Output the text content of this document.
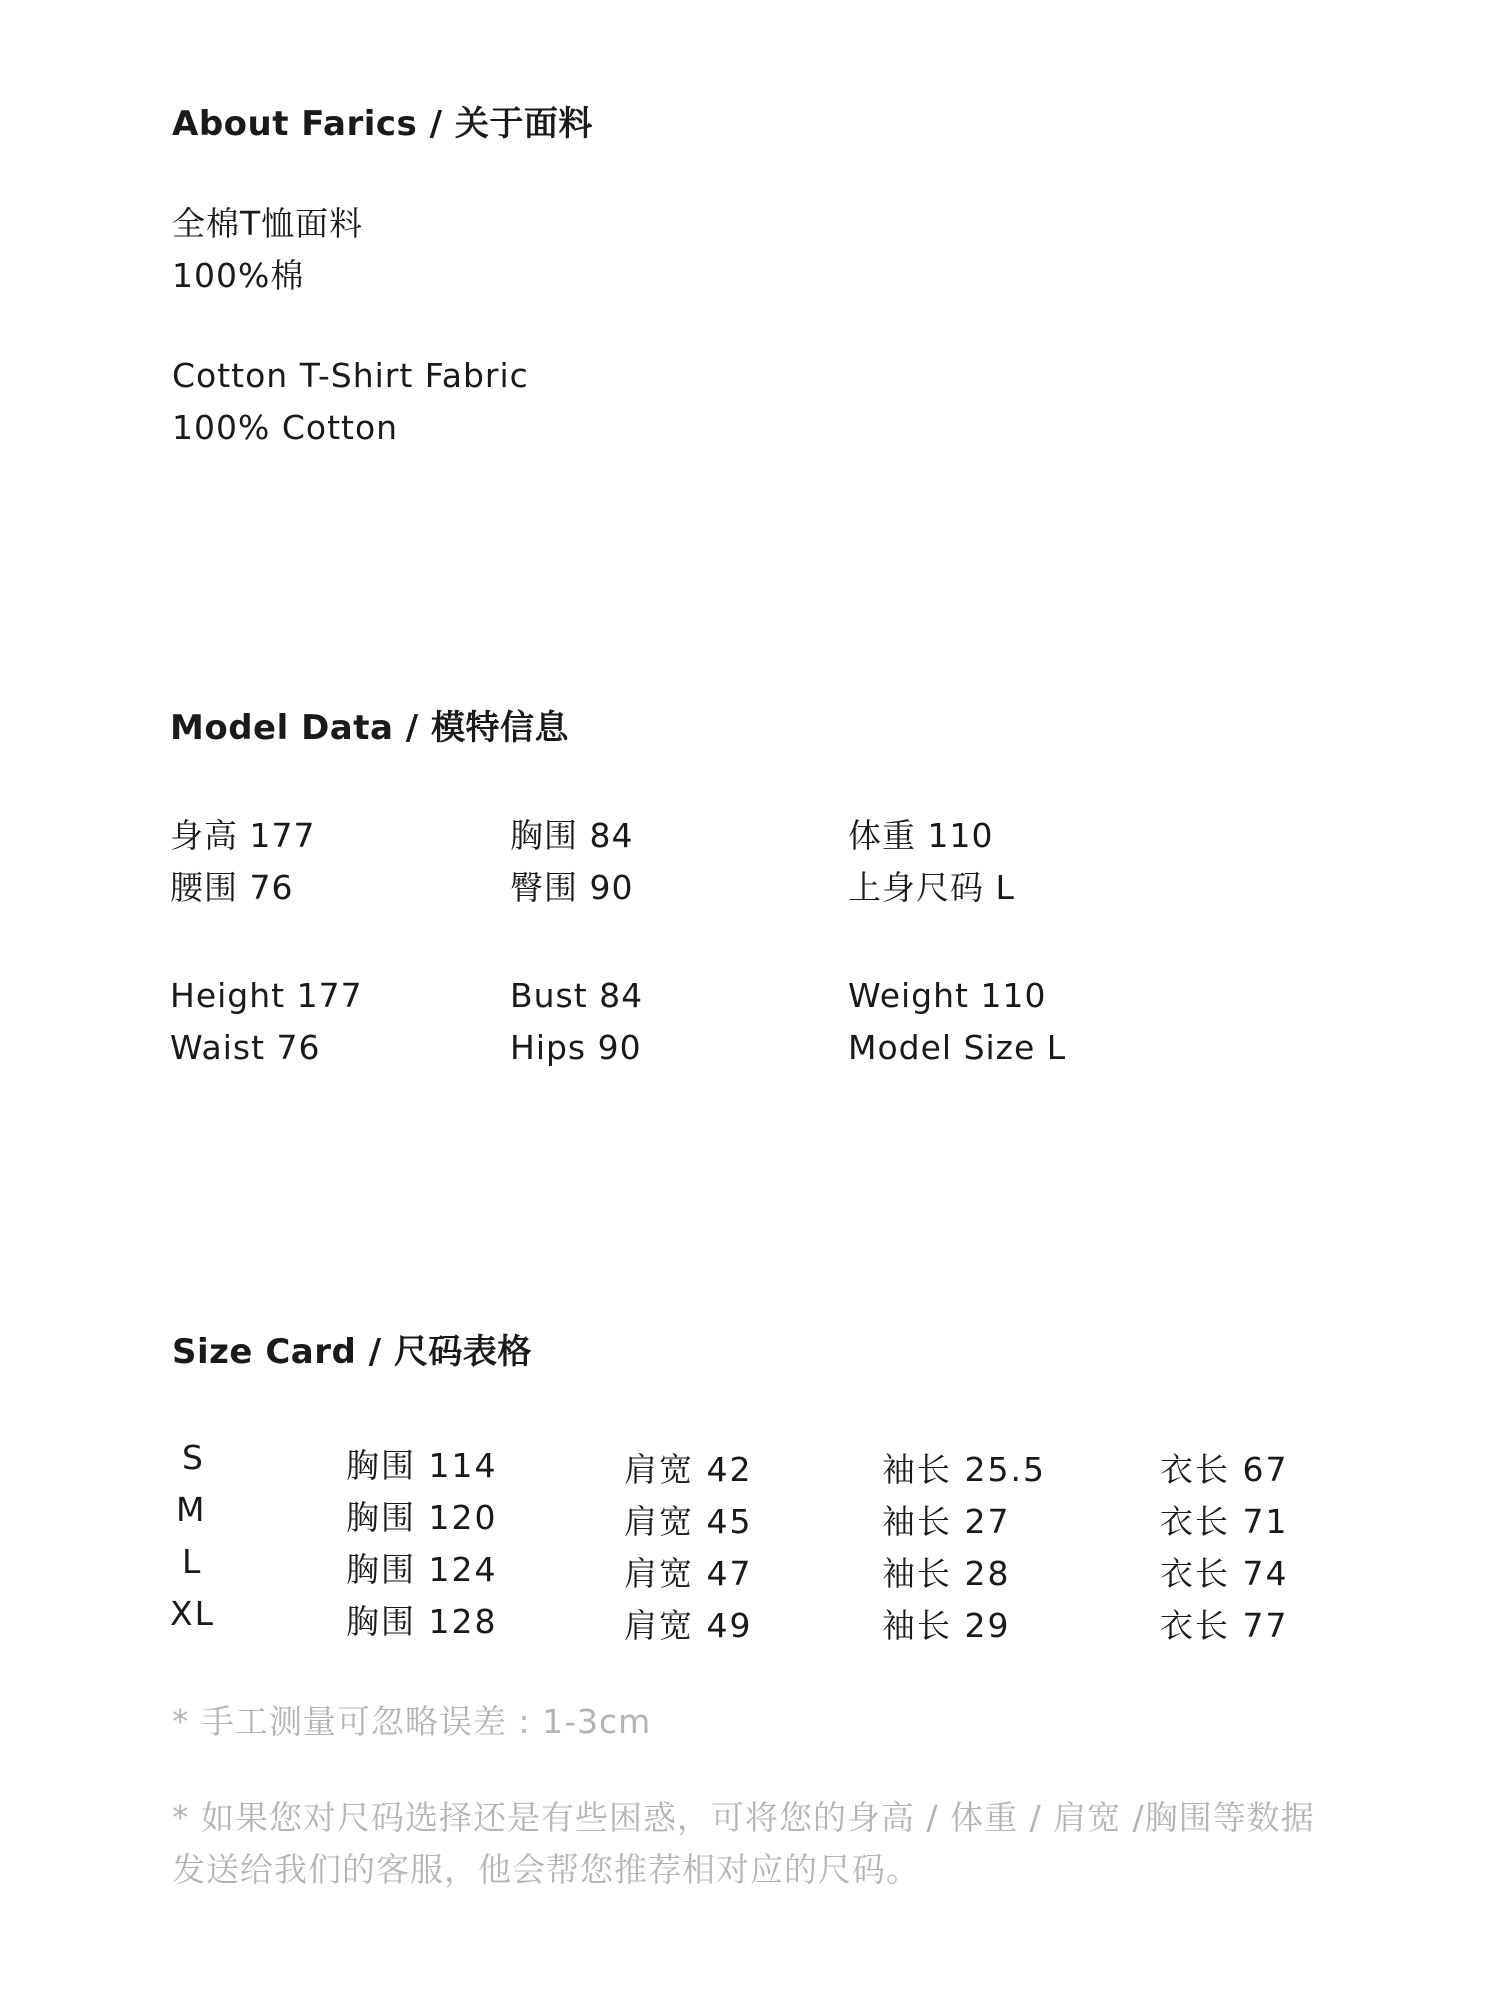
About Farics / 关于面料
全棉T恤面料
100%棉
Cotton T-Shirt Fabric
100% Cotton
Model Data / 模特信息
身高 177	胸围 84	体重 110
腰围 76	臀围 90	上身尺码 L
Height 177	Bust 84	Weight 110
Waist 76	Hips 90	Model Size L
Size Card / 尺码表格
S	胸围 114	肩宽 42	袖长 25.5	衣长 67
M	胸围 120	肩宽 45	袖长 27	衣长 71
L	胸围 124	肩宽 47	袖长 28	衣长 74
XL	胸围 128	肩宽 49	袖长 29	衣长 77
* 手工测量可忽略误差 : 1-3cm
* 如果您对尺码选择还是有些困惑，可将您的身高 / 体重 / 肩宽 /胸围等数据发送给我们的客服，他会帮您推荐相对应的尺码。
